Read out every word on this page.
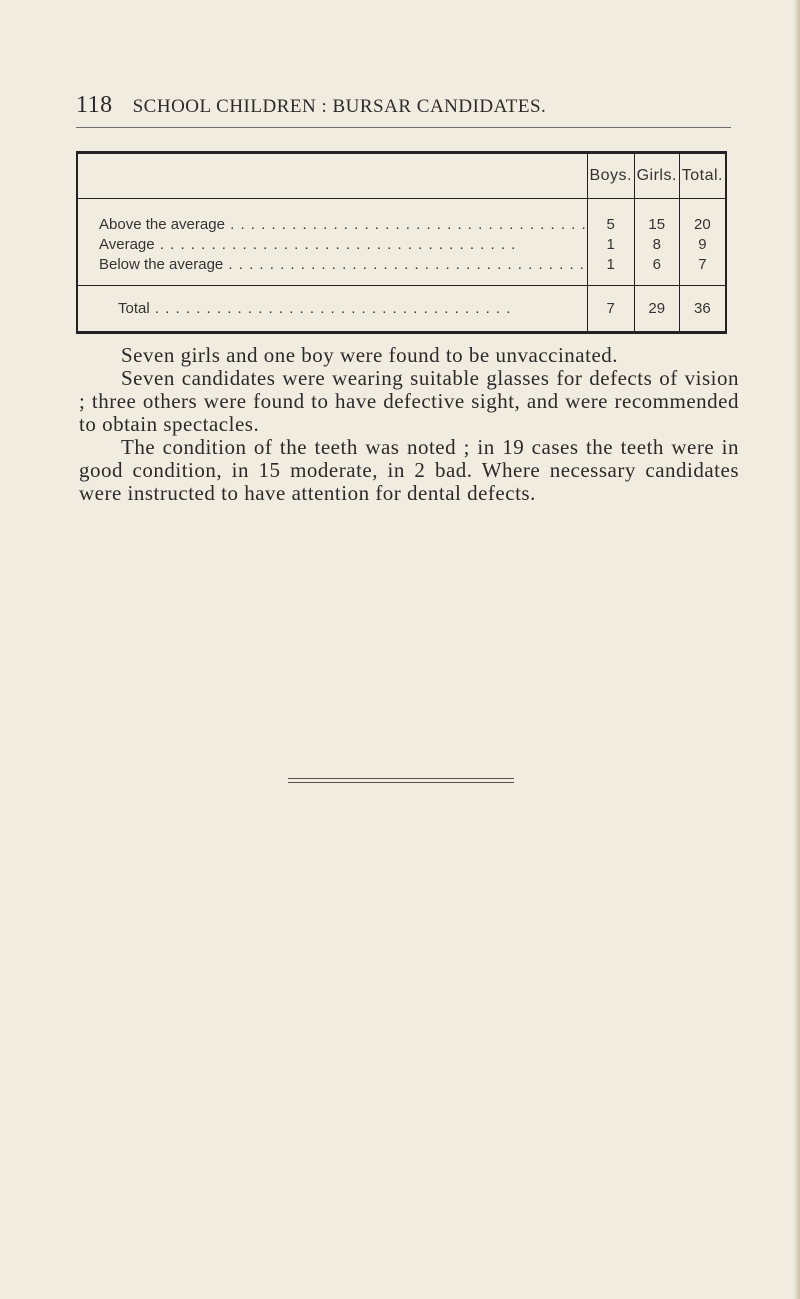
118 SCHOOL CHILDREN : BURSAR CANDIDATES.
	Boys.	Girls.	Total.
Above the average . . .	5	15	20
Average . . .	1	8	9
Below the average . . .	1	6	7
Total . . .	7	29	36

Seven girls and one boy were found to be unvaccinated.

Seven candidates were wearing suitable glasses for defects of vision ; three others were found to have defective sight, and were recommended to obtain spectacles.

The condition of the teeth was noted ; in 19 cases the teeth were in good condition, in 15 moderate, in 2 bad. Where necessary candidates were instructed to have attention for dental defects.
